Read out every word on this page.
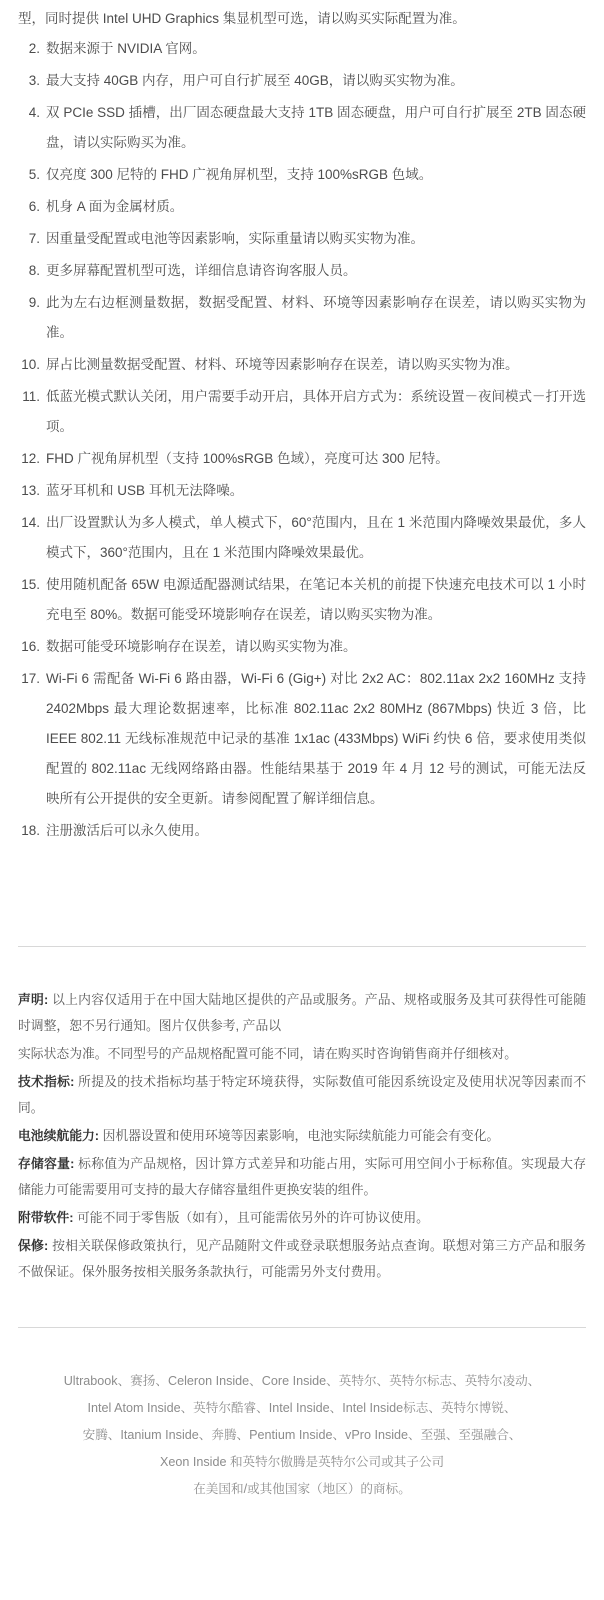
型，同时提供 Intel UHD Graphics 集显机型可选，请以购买实际配置为准。
2. 数据来源于 NVIDIA 官网。
3. 最大支持 40GB 内存，用户可自行扩展至 40GB，请以购买实物为准。
4. 双 PCIe SSD 插槽，出厂固态硬盘最大支持 1TB 固态硬盘，用户可自行扩展至 2TB 固态硬盘，请以实际购买为准。
5. 仅亮度 300 尼特的 FHD 广视角屏机型，支持 100%sRGB 色域。
6. 机身 A 面为金属材质。
7. 因重量受配置或电池等因素影响，实际重量请以购买实物为准。
8. 更多屏幕配置机型可选，详细信息请咨询客服人员。
9. 此为左右边框测量数据，数据受配置、材料、环境等因素影响存在误差，请以购买实物为准。
10. 屏占比测量数据受配置、材料、环境等因素影响存在误差，请以购买实物为准。
11. 低蓝光模式默认关闭，用户需要手动开启，具体开启方式为：系统设置－夜间模式－打开选项。
12. FHD 广视角屏机型（支持 100%sRGB 色域），亮度可达 300 尼特。
13. 蓝牙耳机和 USB 耳机无法降噪。
14. 出厂设置默认为多人模式，单人模式下，60°范围内，且在 1 米范围内降噪效果最优，多人模式下，360°范围内，且在 1 米范围内降噪效果最优。
15. 使用随机配备 65W 电源适配器测试结果，在笔记本关机的前提下快速充电技术可以 1 小时充电至 80%。数据可能受环境影响存在误差，请以购买实物为准。
16. 数据可能受环境影响存在误差，请以购买实物为准。
17. Wi-Fi 6 需配备 Wi-Fi 6 路由器，Wi-Fi 6 (Gig+) 对比 2x2 AC：802.11ax 2x2 160MHz 支持 2402Mbps 最大理论数据速率，比标准 802.11ac 2x2 80MHz (867Mbps) 快近 3 倍，比 IEEE 802.11 无线标准规范中记录的基准 1x1ac (433Mbps) WiFi 约快 6 倍，要求使用类似配置的 802.11ac 无线网络路由器。性能结果基于 2019 年 4 月 12 号的测试，可能无法反映所有公开提供的安全更新。请参阅配置了解详细信息。
18. 注册激活后可以永久使用。

声明: 以上内容仅适用于在中国大陆地区提供的产品或服务。产品、规格或服务及其可获得性可能随时调整，恕不另行通知。图片仅供参考, 产品以

实际状态为准。不同型号的产品规格配置可能不同，请在购买时咨询销售商并仔细核对。

技术指标: 所提及的技术指标均基于特定环境获得，实际数值可能因系统设定及使用状况等因素而不同。

电池续航能力: 因机器设置和使用环境等因素影响，电池实际续航能力可能会有变化。

存储容量: 标称值为产品规格，因计算方式差异和功能占用，实际可用空间小于标称值。实现最大存储能力可能需要用可支持的最大存储容量组件更换安装的组件。

附带软件: 可能不同于零售版（如有），且可能需依另外的许可协议使用。

保修: 按相关联保修政策执行，见产品随附文件或登录联想服务站点查询。联想对第三方产品和服务不做保证。保外服务按相关服务条款执行，可能需另外支付费用。

Ultrabook、赛扬、Celeron Inside、Core Inside、英特尔、英特尔标志、英特尔凌动、
Intel Atom Inside、英特尔酷睿、Intel Inside、Intel Inside标志、英特尔博锐、
安腾、Itanium Inside、奔腾、Pentium Inside、vPro Inside、至强、至强融合、
Xeon Inside 和英特尔傲腾是英特尔公司或其子公司
在美国和/或其他国家（地区）的商标。
